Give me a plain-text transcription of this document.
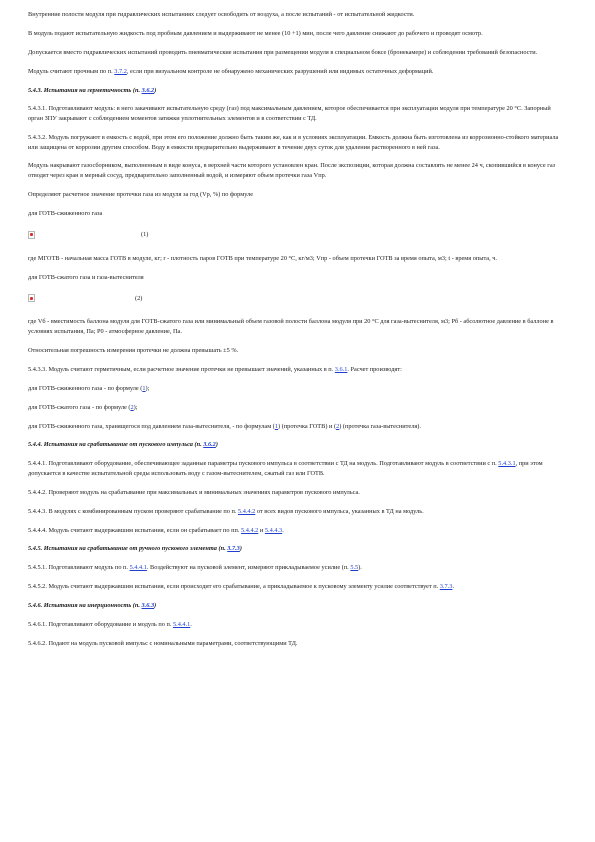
Внутренние полости модуля при гидравлических испытаниях следует освободить от воздуха, а после испытаний - от испытательной жидкости.

В модуль подают испытательную жидкость под пробным давлением и выдерживают не менее (10 +1) мин, после чего давление снижают до рабочего и проводят осмотр.

Допускается вместо гидравлических испытаний проводить пневматические испытания при размещении модуля в специальном боксе (бронекамере) и соблюдении требований безопасности.

Модуль считают прочным по п. 3.7.2, если при визуальном контроле не обнаружено механических разрушений или видимых остаточных деформаций.

5.4.3. Испытания на герметичность (п. 3.6.2)

5.4.3.1. Подготавливают модуль: в него закачивают испытательную среду (газ) под максимальным давлением, которое обеспечивается при эксплуатации модуля при температуре 20 °С. Запорный орган ЗПУ закрывают с соблюдением моментов затяжки уплотнительных элементов и в соответствии с ТД.

5.4.3.2. Модуль погружают в емкость с водой, при этом его положение должно быть таким же, как и в условиях эксплуатации. Емкость должна быть изготовлена из коррозионно-стойкого материала или защищена от коррозии другим способом. Воду в емкости предварительно выдерживают в течение двух суток для удаления растворенного в ней газа.

Модуль накрывают газосборником, выполненным в виде конуса, в верхней части которого установлен кран. После экспозиции, которая должна составлять не менее 24 ч, скопившийся в конусе газ отводят через кран в мерный сосуд, предварительно заполненный водой, и измеряют объем протечки газа Vпр.

Определяют расчетное значение протечки газа из модуля за год (Vр, %) по формуле

для ГОТВ-сжиженного газа

(1)

где MГОТВ - начальная масса ГОТВ в модуле, кг; r - плотность паров ГОТВ при температуре 20 °С, кг/м3; Vпр - объем протечки ГОТВ за время опыта, м3; t - время опыта, ч.

для ГОТВ-сжатого газа и газа-вытеснителя

(2)

где Vб - вместимость баллона модуля для ГОТВ-сжатого газа или минимальный объем газовой полости баллона модуля при 20 °С для газа-вытеснителя, м3; Рб - абсолютное давление в баллоне в условиях испытания, Па; Р0 - атмосферное давление, Па.

Относительная погрешность измерения протечки не должна превышать ±5 %.

5.4.3.3. Модуль считают герметичным, если расчетное значение протечки не превышает значений, указанных в п. 3.6.1. Расчет производят:

для ГОТВ-сжиженного газа - по формуле (1);

для ГОТВ-сжатого газа - по формуле (2);

для ГОТВ-сжиженного газа, хранящегося под давлением газа-вытеснителя, - по формулам (1) (протечка ГОТВ) и (2) (протечка газа-вытеснителя).

5.4.4. Испытания на срабатывание от пускового импульса (п. 3.6.2)

5.4.4.1. Подготавливают оборудование, обеспечивающее заданные параметры пускового импульса в соответствии с ТД на модуль. Подготавливают модуль в соответствии с п. 5.4.3.1, при этом допускается в качестве испытательной среды использовать воду с газом-вытеснителем, сжатый газ или ГОТВ.

5.4.4.2. Проверяют модуль на срабатывание при максимальных и минимальных значениях параметров пускового импульса.

5.4.4.3. В модулях с комбинированным пуском проверяют срабатывание по п. 5.4.4.2 от всех видов пускового импульса, указанных в ТД на модуль.

5.4.4.4. Модуль считают выдержавшим испытания, если он срабатывает по пп. 5.4.4.2 и 5.4.4.3.

5.4.5. Испытания на срабатывание от ручного пускового элемента (п. 3.7.3)

5.4.5.1. Подготавливают модуль по п. 5.4.4.1. Воздействуют на пусковой элемент, измеряют прикладываемое усилие (п. 5.5).

5.4.5.2. Модуль считают выдержавшим испытания, если происходит его срабатывание, а прикладываемое к пусковому элементу усилие соответствует п. 3.7.3.

5.4.6. Испытания на инерционность (п. 3.6.3)

5.4.6.1. Подготавливают оборудование и модуль по п. 5.4.4.1.

5.4.6.2. Подают на модуль пусковой импульс с номинальными параметрами, соответствующими ТД.
